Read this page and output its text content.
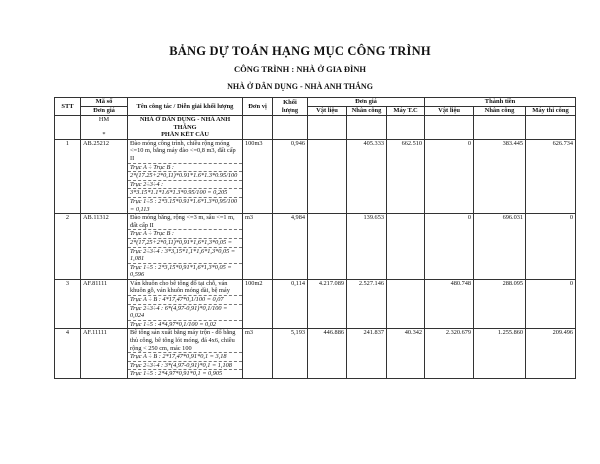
BẢNG DỰ TOÁN HẠNG MỤC CÔNG TRÌNH
CÔNG TRÌNH : NHÀ Ở GIA ĐÌNH
NHÀ Ở DÂN DỤNG - NHÀ ANH THẮNG
STT	Mã số	Tên công tác / Diễn giải khối lượng	Đơn vị	Khối lượng	Đơn giá			Thành tiền		
	Đơn giá				Vật liệu	Nhân công	Máy T.C	Vật liệu	Nhân công	Máy thi công
	HM	NHÀ Ở DÂN DỤNG - NHÀ ANH THẮNG								
	*	PHẦN KẾT CẤU								
1	AB.25212	Đào móng công trình, chiều rộng móng <=10 m, bằng máy đào <=0,8 m3, đất cấp II	100m3	0,946		405.333	662.510	0	383.445	626.734
		Trục A ÷ Trục B :								
		2*(17.25+2*0,11)*0.91*1.6*1.3*0.95/100								
		Trục 2÷3÷4 :								
		3*3.15*1.1*1.6*1.3*0.95/100 = 0,205								
		Trục 1÷5 : 2*3.15*0.91*1.6*1.3*0,95/100 = 0,113								
2	AB.11312	Đào móng băng, rộng <=3 m, sâu <=1 m, đất cấp II	m3	4,984		139.653		0	696.031	0
		Trục A ÷ Trục B :								
		2*(17,25+2*0,11)*0,91*1,6*1,3*0,05 =								
		Trục 2÷3÷4 : 3*3,15*1,1*1,6*1,3*0,05 = 1,081								
		Trục 1÷5 : 2*3,15*0,91*1,6*1,3*0,05 = 0,596								
3	AF.81111	Ván khuôn cho bê tông đổ tại chỗ, ván khuôn gỗ, ván khuôn móng dài, bệ máy	100m2	0,114	4.217.089	2.527.146		480.748	288.095	0
		Trục A ÷ B : 4*17,47*0,1/100 = 0,07								
		Trục 2÷3÷4 : 6*(4,97-0,91)*0,1/100 = 0,024								
		Trục 1÷5 : 4*4,97*0,1/100 = 0,02								
4	AF.11111	Bê tông sản xuất bằng máy trộn - đổ bằng thủ công, bê tông lót móng, đá 4x6, chiều rộng < 250 cm, mác 100	m3	5,193	446.886	241.837	40.342	2.320.679	1.255.860	209.496
		Trục A ÷ B : 2*17,47*0,91*0,1 = 3,18								
		Trục 2÷3÷4 : 3*(4,97-0,91)*0,1 = 1,108								
		Trục 1÷5 : 2*4,97*0,91*0,1 = 0,905								
